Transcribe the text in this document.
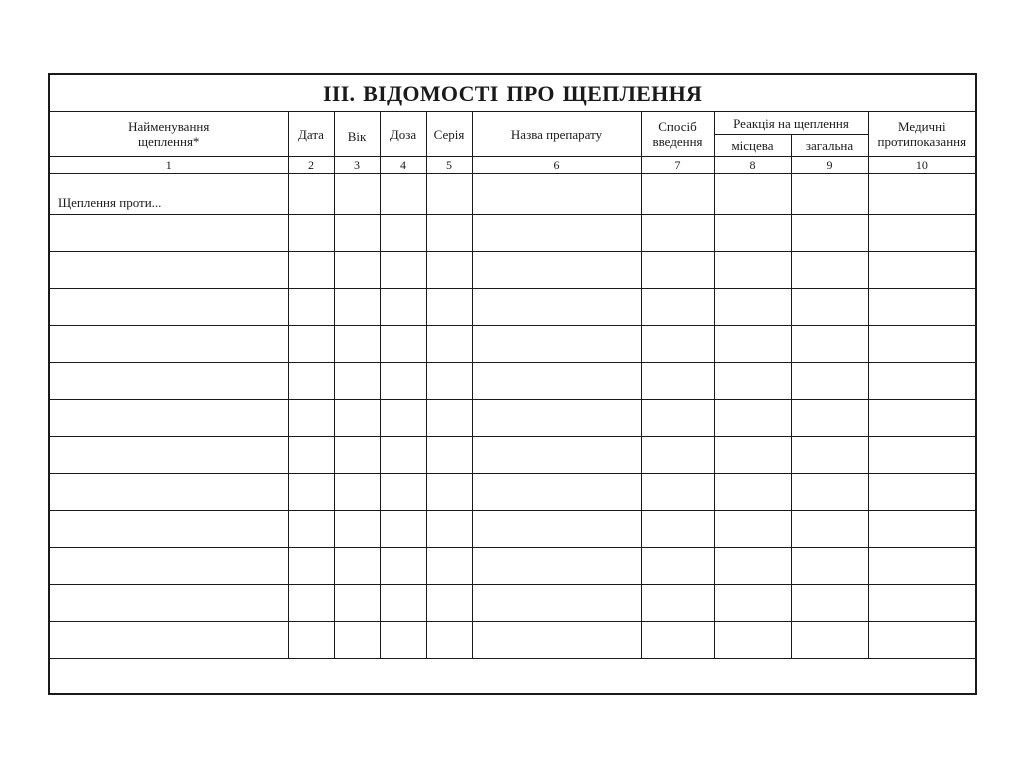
ІІІ. ВІДОМОСТІ ПРО ЩЕПЛЕННЯ									

Найменування щеплення*	Дата	Вік	Доза	Серія	Назва препарату	Спосіб введення	Реакція на щеплення		Медичні протипоказання

							місцева	загальна	
1	2	3	4	5	6	7	8	9	10
Щеплення проти...									
